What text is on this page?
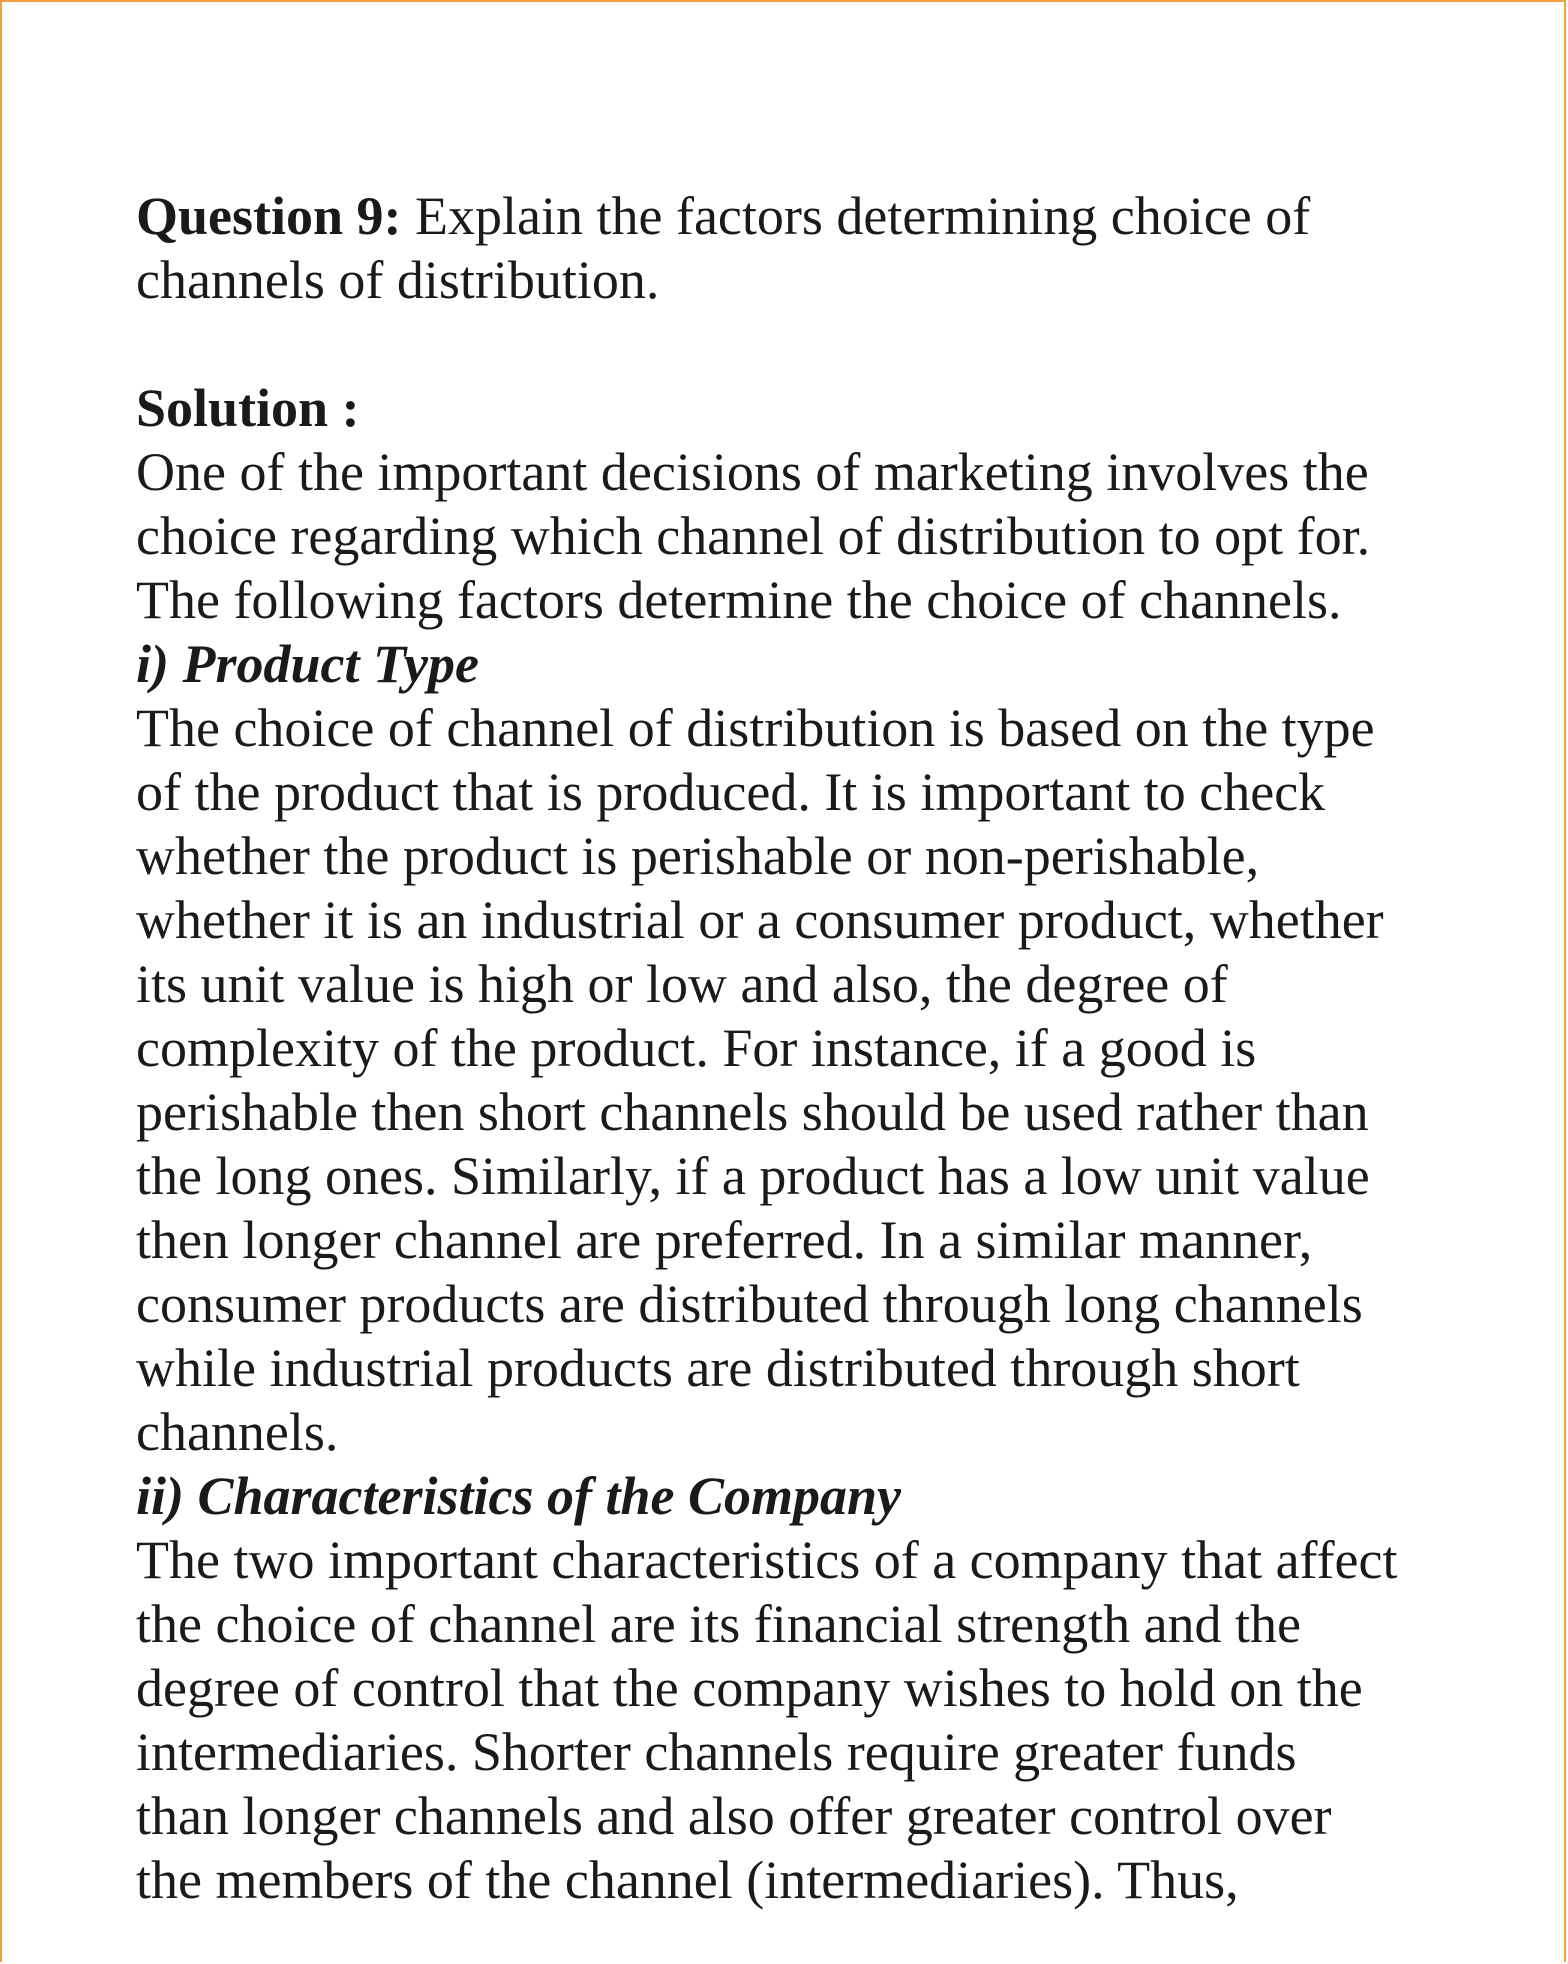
Question 9: Explain the factors determining choice of
channels of distribution.
Solution :
One of the important decisions of marketing involves the
choice regarding which channel of distribution to opt for.
The following factors determine the choice of channels.
i) Product Type
The choice of channel of distribution is based on the type
of the product that is produced. It is important to check
whether the product is perishable or non-perishable,
whether it is an industrial or a consumer product, whether
its unit value is high or low and also, the degree of
complexity of the product. For instance, if a good is
perishable then short channels should be used rather than
the long ones. Similarly, if a product has a low unit value
then longer channel are preferred. In a similar manner,
consumer products are distributed through long channels
while industrial products are distributed through short
channels.
ii) Characteristics of the Company
The two important characteristics of a company that affect
the choice of channel are its financial strength and the
degree of control that the company wishes to hold on the
intermediaries. Shorter channels require greater funds
than longer channels and also offer greater control over
the members of the channel (intermediaries). Thus,
